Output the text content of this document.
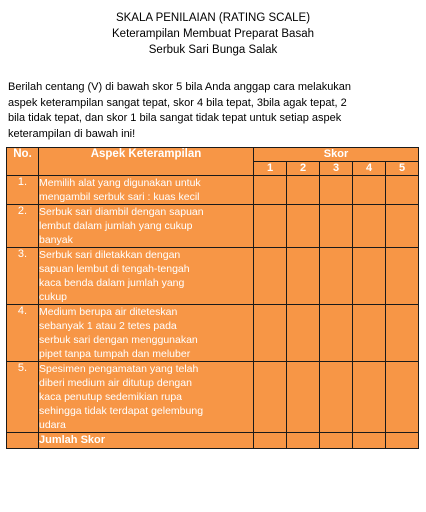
SKALA PENILAIAN (RATING SCALE)
Keterampilan Membuat Preparat Basah
Serbuk Sari Bunga Salak
Berilah centang (V) di bawah skor 5 bila Anda anggap cara melakukan
aspek keterampilan sangat tepat, skor 4 bila tepat, 3bila agak tepat, 2
bila tidak tepat, dan skor 1 bila sangat tidak tepat untuk setiap aspek
keterampilan di bawah ini!
No.	Aspek Keterampilan	Skor				
		1	2	3	4	5
1.	Memilih alat yang digunakan untuk
mengambil serbuk sari : kuas kecil					

2.	Serbuk sari diambil dengan sapuan
lembut dalam jumlah yang cukup
banyak					

3.	Serbuk sari diletakkan dengan
sapuan lembut di tengah-tengah
kaca benda dalam jumlah yang
cukup					

4.	Medium berupa air diteteskan
sebanyak 1 atau 2 tetes pada
serbuk sari dengan menggunakan
pipet tanpa tumpah dan meluber					

5.	Spesimen pengamatan yang telah
diberi medium air ditutup dengan
kaca penutup sedemikian rupa
sehingga tidak terdapat gelembung
udara					

	Jumlah Skor					
